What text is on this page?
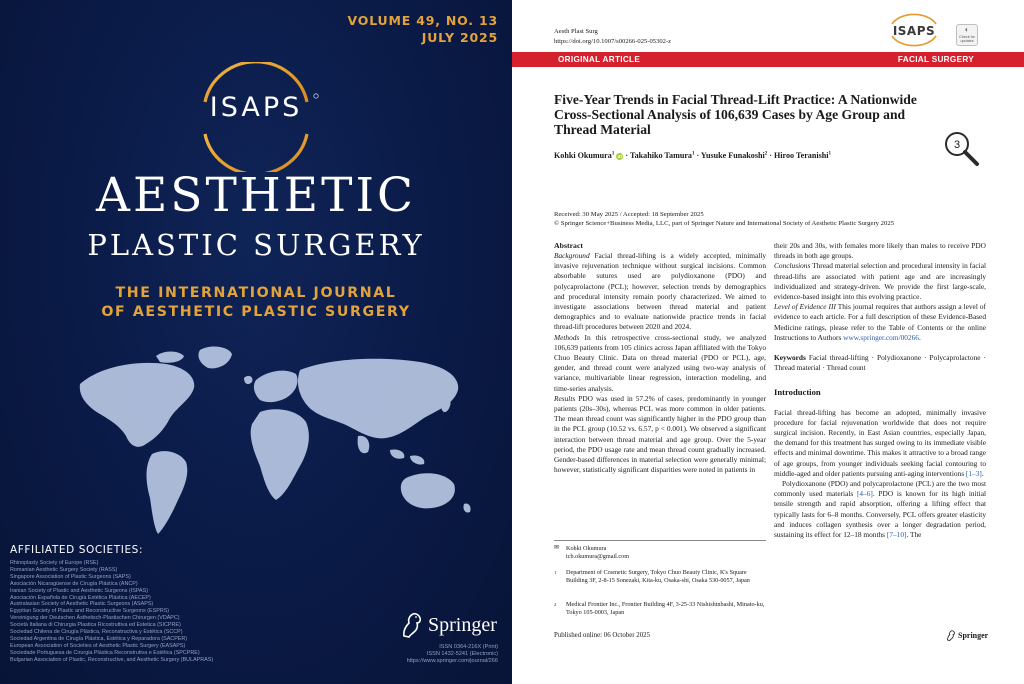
VOLUME 49, NO. 13
JULY 2025
ISAPS
AESTHETIC
PLASTIC SURGERY
THE INTERNATIONAL JOURNAL
OF AESTHETIC PLASTIC SURGERY
AFFILIATED SOCIETIES:
Rhinoplasty Society of Europe (RSE)
Romanian Aesthetic Surgery Society (RASS)
Singapore Association of Plastic Surgeons (SAPS)
Asociación Nicaragüense de Cirugía Plástica (ANCP)
Iranian Society of Plastic and Aesthetic Surgeons (ISPAS)
Asociación Española de Cirugía Estética Plástica (AECEP)
Australasian Society of Aesthetic Plastic Surgeons (ASAPS)
Egyptian Society of Plastic and Reconstructive Surgeons (ESPRS)
Vereinigung der Deutschen Ästhetisch-Plastischen Chirurgen (VDÄPC)
Società Italiana di Chirurgia Plastica Ricostruttiva ed Estetica (SICPRE)
Sociedad Chilena de Cirugía Plástica, Reconstructiva y Estética (SCCP)
Sociedad Argentina de Cirugía Plástica, Estética y Reparadora (SACPER)
European Association of Societies of Aesthetic Plastic Surgery (EASAPS)
Sociedade Portuguesa de Cirurgia Plástica Reconstrutiva e Estética (SPCPRE)
Bulgarian Association of Plastic, Reconstructive, and Aesthetic Surgery (BULAPRAS)
Springer
ISSN 0364-216X (Print)
ISSN 1432-5241 (Electronic)
https://www.springer.com/journal/266
Aesth Plast Surg
https://doi.org/10.1007/s00266-025-05302-z
ISAPS	◐
Check for updates
ORIGINAL ARTICLE	FACIAL SURGERY
Five-Year Trends in Facial Thread-Lift Practice: A Nationwide Cross-Sectional Analysis of 106,639 Cases by Age Group and Thread Material
3
Kohki Okumura$^1$ iD · Takahiko Tamura$^1$ · Yusuke Funakoshi$^2$ · Hiroo Teranishi$^1$
Received: 30 May 2025 / Accepted: 18 September 2025
© Springer Science+Business Media, LLC, part of Springer Nature and International Society of Aesthetic Plastic Surgery 2025
Abstract

Background Facial thread-lifting is a widely accepted, minimally invasive rejuvenation technique without surgical incisions. Common absorbable sutures used are polydioxanone (PDO) and polycaprolactone (PCL); however, selection trends by demographics and procedural intensity remain poorly characterized. We aimed to investigate associations between thread material and patient demographics and to evaluate nationwide practice trends in facial thread-lift procedures between 2020 and 2024.

Methods In this retrospective cross-sectional study, we analyzed 106,639 patients from 105 clinics across Japan affiliated with the Tokyo Chuo Beauty Clinic. Data on thread material (PDO or PCL), age, gender, and thread count were analyzed using two-way analysis of variance, multivariable linear regression, interaction modeling, and time-series analysis.

Results PDO was used in 57.2% of cases, predominantly in younger patients (20s–30s), whereas PCL was more common in older patients. The mean thread count was significantly higher in the PDO group than in the PCL group (10.52 vs. 6.57, p < 0.001). We observed a significant interaction between thread material and age group. Over the 5-year period, the PDO usage rate and mean thread count gradually increased. Gender-based differences in material selection were generally minimal; however, statistically significant disparities were noted in patients in

their 20s and 30s, with females more likely than males to receive PDO threads in both age groups.

Conclusions Thread material selection and procedural intensity in facial thread-lifts are associated with patient age and are increasingly individualized and strategy-driven. We provide the first large-scale, evidence-based insight into this evolving practice.

Level of Evidence III This journal requires that authors assign a level of evidence to each article. For a full description of these Evidence-Based Medicine ratings, please refer to the Table of Contents or the online Instructions to Authors www.springer.com/00266.

Keywords Facial thread-lifting · Polydioxanone · Polycaprolactone · Thread material · Thread count

Introduction

Facial thread-lifting has become an adopted, minimally invasive procedure for facial rejuvenation worldwide that does not require surgical incision. Recently, in East Asian countries, especially Japan, the demand for this treatment has surged owing to its immediate visible effects and minimal downtime. This makes it attractive to a broad range of age groups, from younger individuals seeking facial contouring to middle-aged and older patients pursuing anti-aging interventions [1–3].

Polydioxanone (PDO) and polycaprolactone (PCL) are the two most commonly used materials [4–6]. PDO is known for its high initial tensile strength and rapid absorption, offering a lifting effect that typically lasts for 6–8 months. Conversely, PCL offers greater elasticity and induces collagen synthesis over a longer degradation period, sustaining its effect for 12–18 months [7–10]. The

✉	Kohki Okumura
tcb.okumura@gmail.com
1	Department of Cosmetic Surgery, Tokyo Chuo Beauty Clinic, K's Square Building 3F, 2-8-15 Sonezaki, Kita-ku, Osaka-shi, Osaka 530-0057, Japan
2	Medical Frontier Inc., Frontier Building 4F, 3-25-33 Nishishinbashi, Minato-ku, Tokyo 105-0003, Japan
Published online: 06 October 2025	Springer
